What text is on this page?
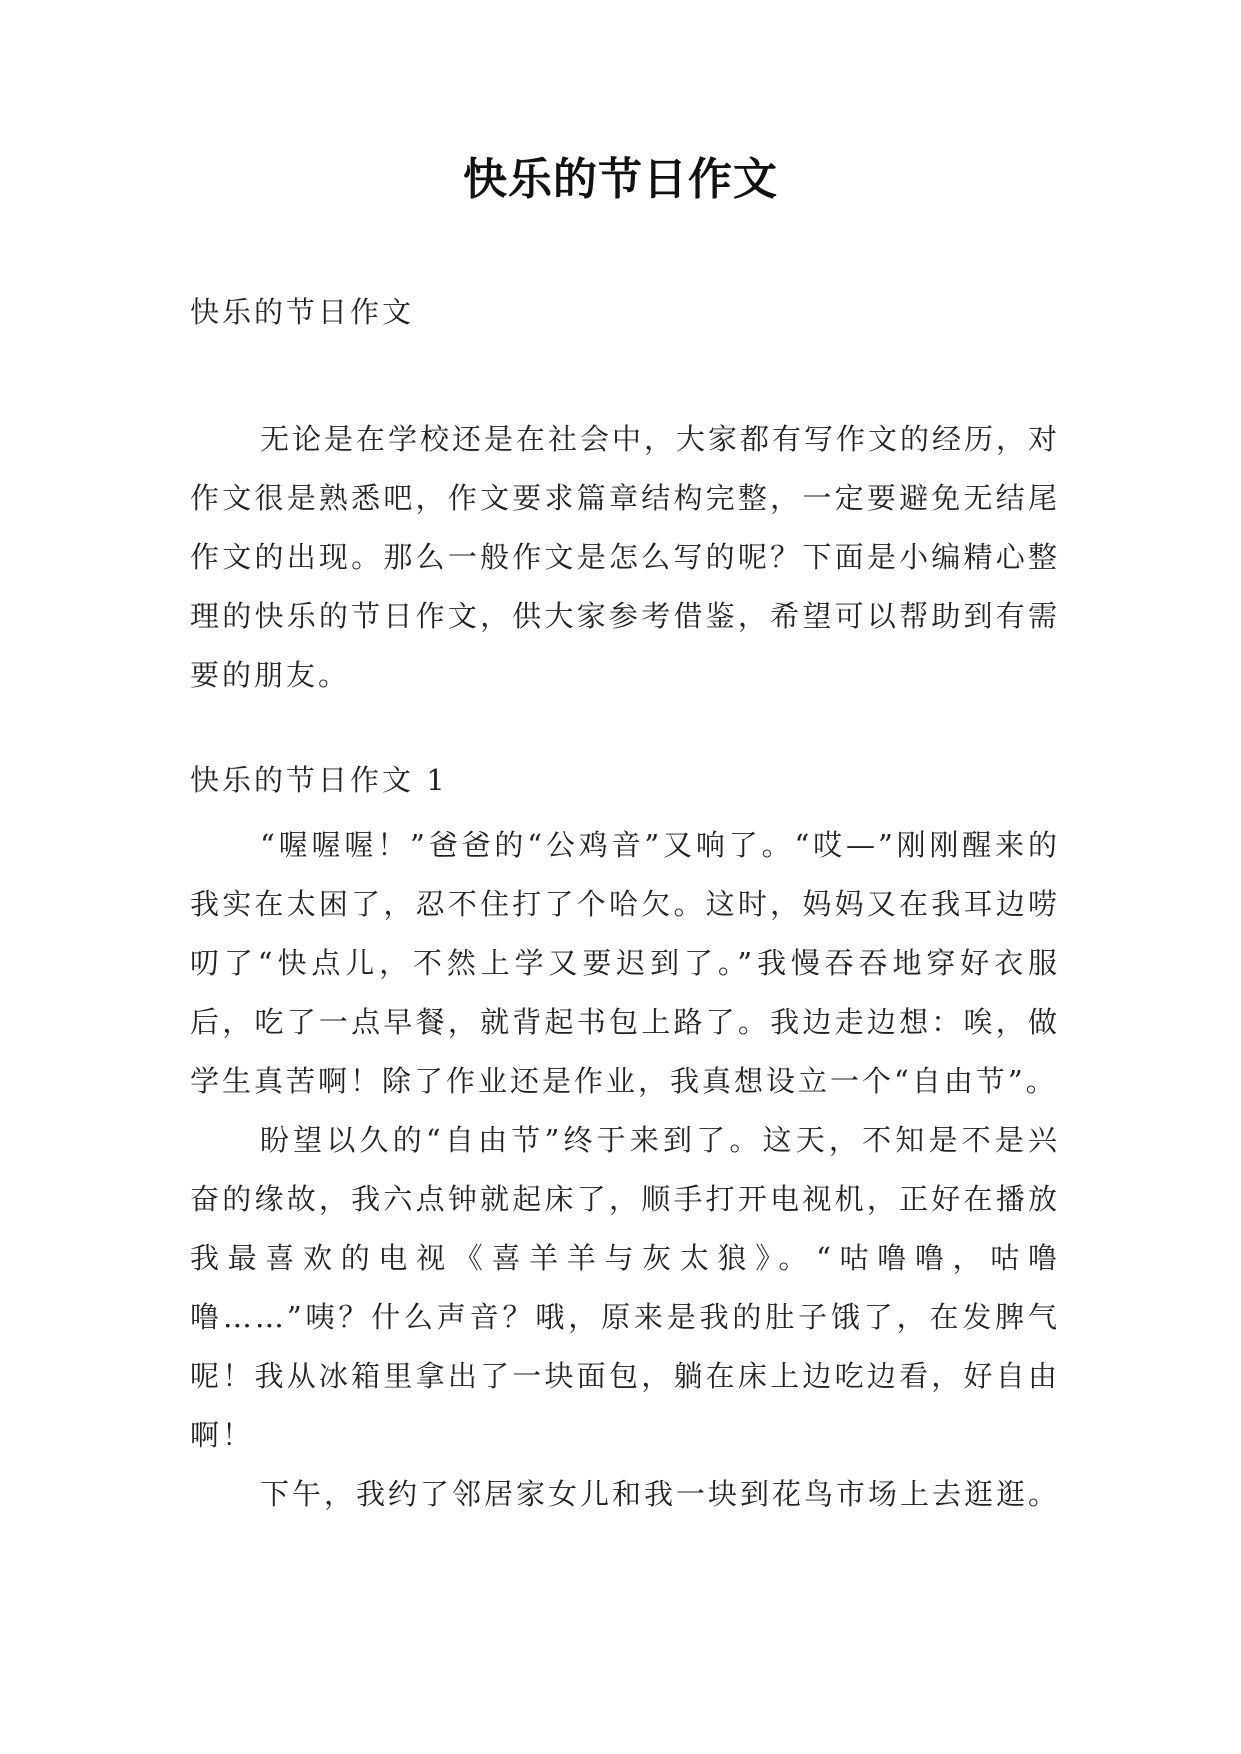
快乐的节日作文
快乐的节日作文

无论是在学校还是在社会中，大家都有写作文的经历，对作文很是熟悉吧，作文要求篇章结构完整，一定要避免无结尾作文的出现。那么一般作文是怎么写的呢？下面是小编精心整理的快乐的节日作文，供大家参考借鉴，希望可以帮助到有需要的朋友。

快乐的节日作文 1

“喔喔喔！”爸爸的“公鸡音”又响了。“哎—”刚刚醒来的我实在太困了，忍不住打了个哈欠。这时，妈妈又在我耳边唠叨了“快点儿，不然上学又要迟到了。”我慢吞吞地穿好衣服后，吃了一点早餐，就背起书包上路了。我边走边想：唉，做学生真苦啊！除了作业还是作业，我真想设立一个“自由节”。

盼望以久的“自由节”终于来到了。这天，不知是不是兴奋的缘故，我六点钟就起床了，顺手打开电视机，正好在播放我最喜欢的电视《喜羊羊与灰太狼》。“咕噜噜，咕噜噜……”咦？什么声音？哦，原来是我的肚子饿了，在发脾气呢！我从冰箱里拿出了一块面包，躺在床上边吃边看，好自由啊！

下午，我约了邻居家女儿和我一块到花鸟市场上去逛逛。
